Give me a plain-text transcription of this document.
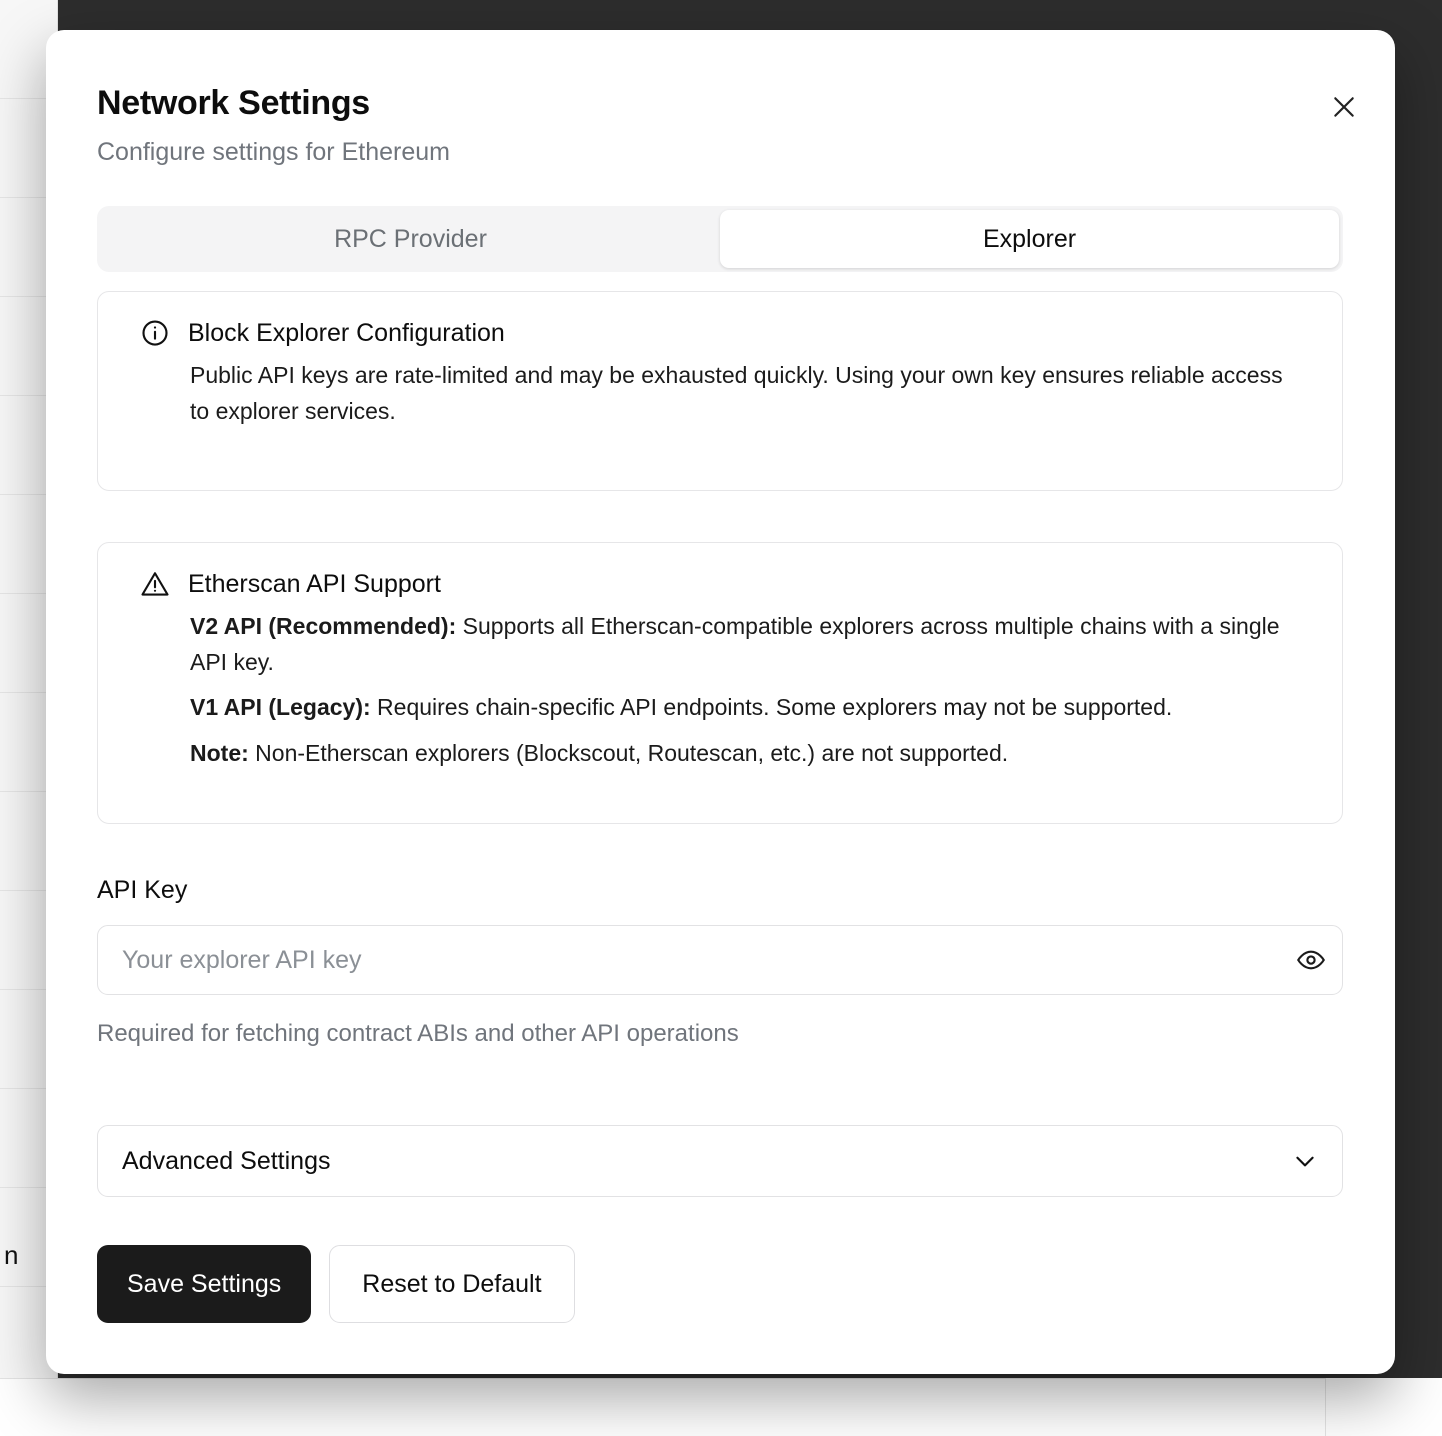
n
Network Settings
Configure settings for Ethereum
RPC Provider	Explorer
Block Explorer Configuration

Public API keys are rate-limited and may be exhausted quickly. Using your own key ensures reliable access to explorer services.

Etherscan API Support

V2 API (Recommended): Supports all Etherscan-compatible explorers across multiple chains with a single API key.

V1 API (Legacy): Requires chain-specific API endpoints. Some explorers may not be supported.

Note: Non-Etherscan explorers (Blockscout, Routescan, etc.) are not supported.

API Key
Your explorer API key
Required for fetching contract ABIs and other API operations
Advanced Settings
Save Settings	Reset to Default
